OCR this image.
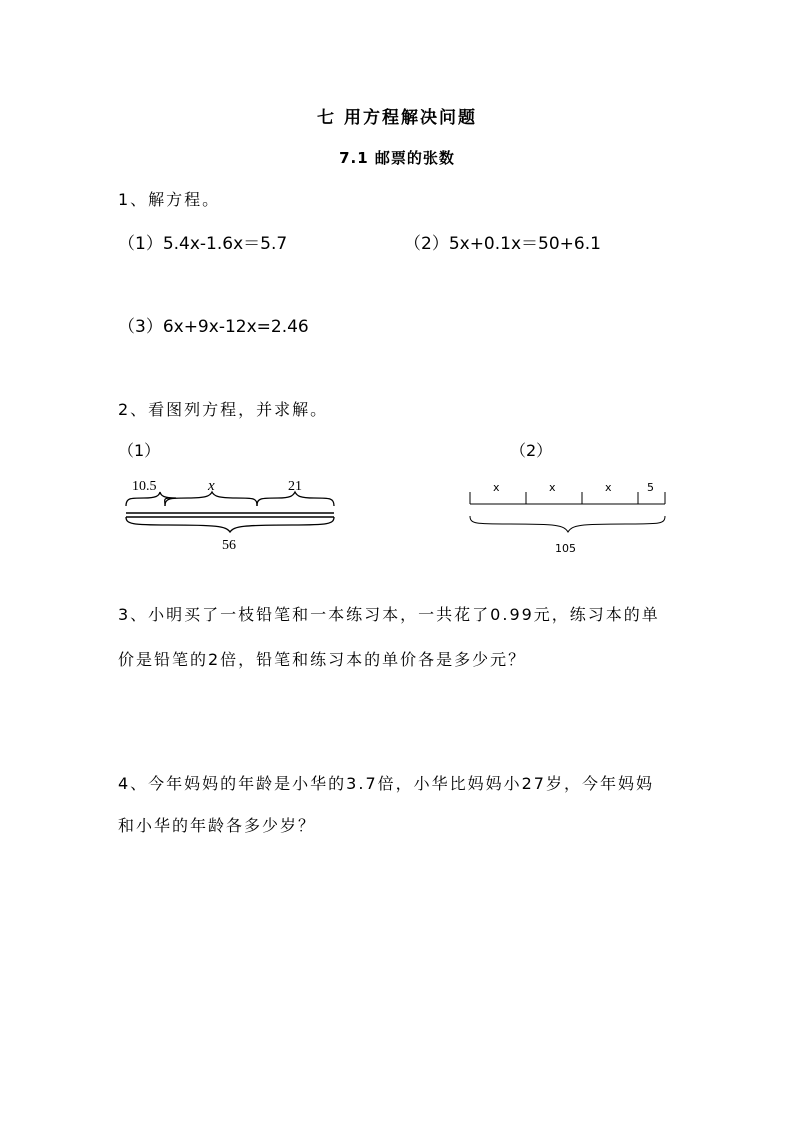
七 用方程解决问题
7.1 邮票的张数
1、解方程。
（1）5.4x-1.6x＝5.7	（2）5x+0.1x＝50+6.1
（3）6x+9x-12x=2.46
2、看图列方程，并求解。
（1）	（2）
10.5	x	21
56
x	x	x	5
105
3、小明买了一枝铅笔和一本练习本，一共花了0.99元，练习本的单
价是铅笔的2倍，铅笔和练习本的单价各是多少元？
4、今年妈妈的年龄是小华的3.7倍，小华比妈妈小27岁，今年妈妈
和小华的年龄各多少岁？
